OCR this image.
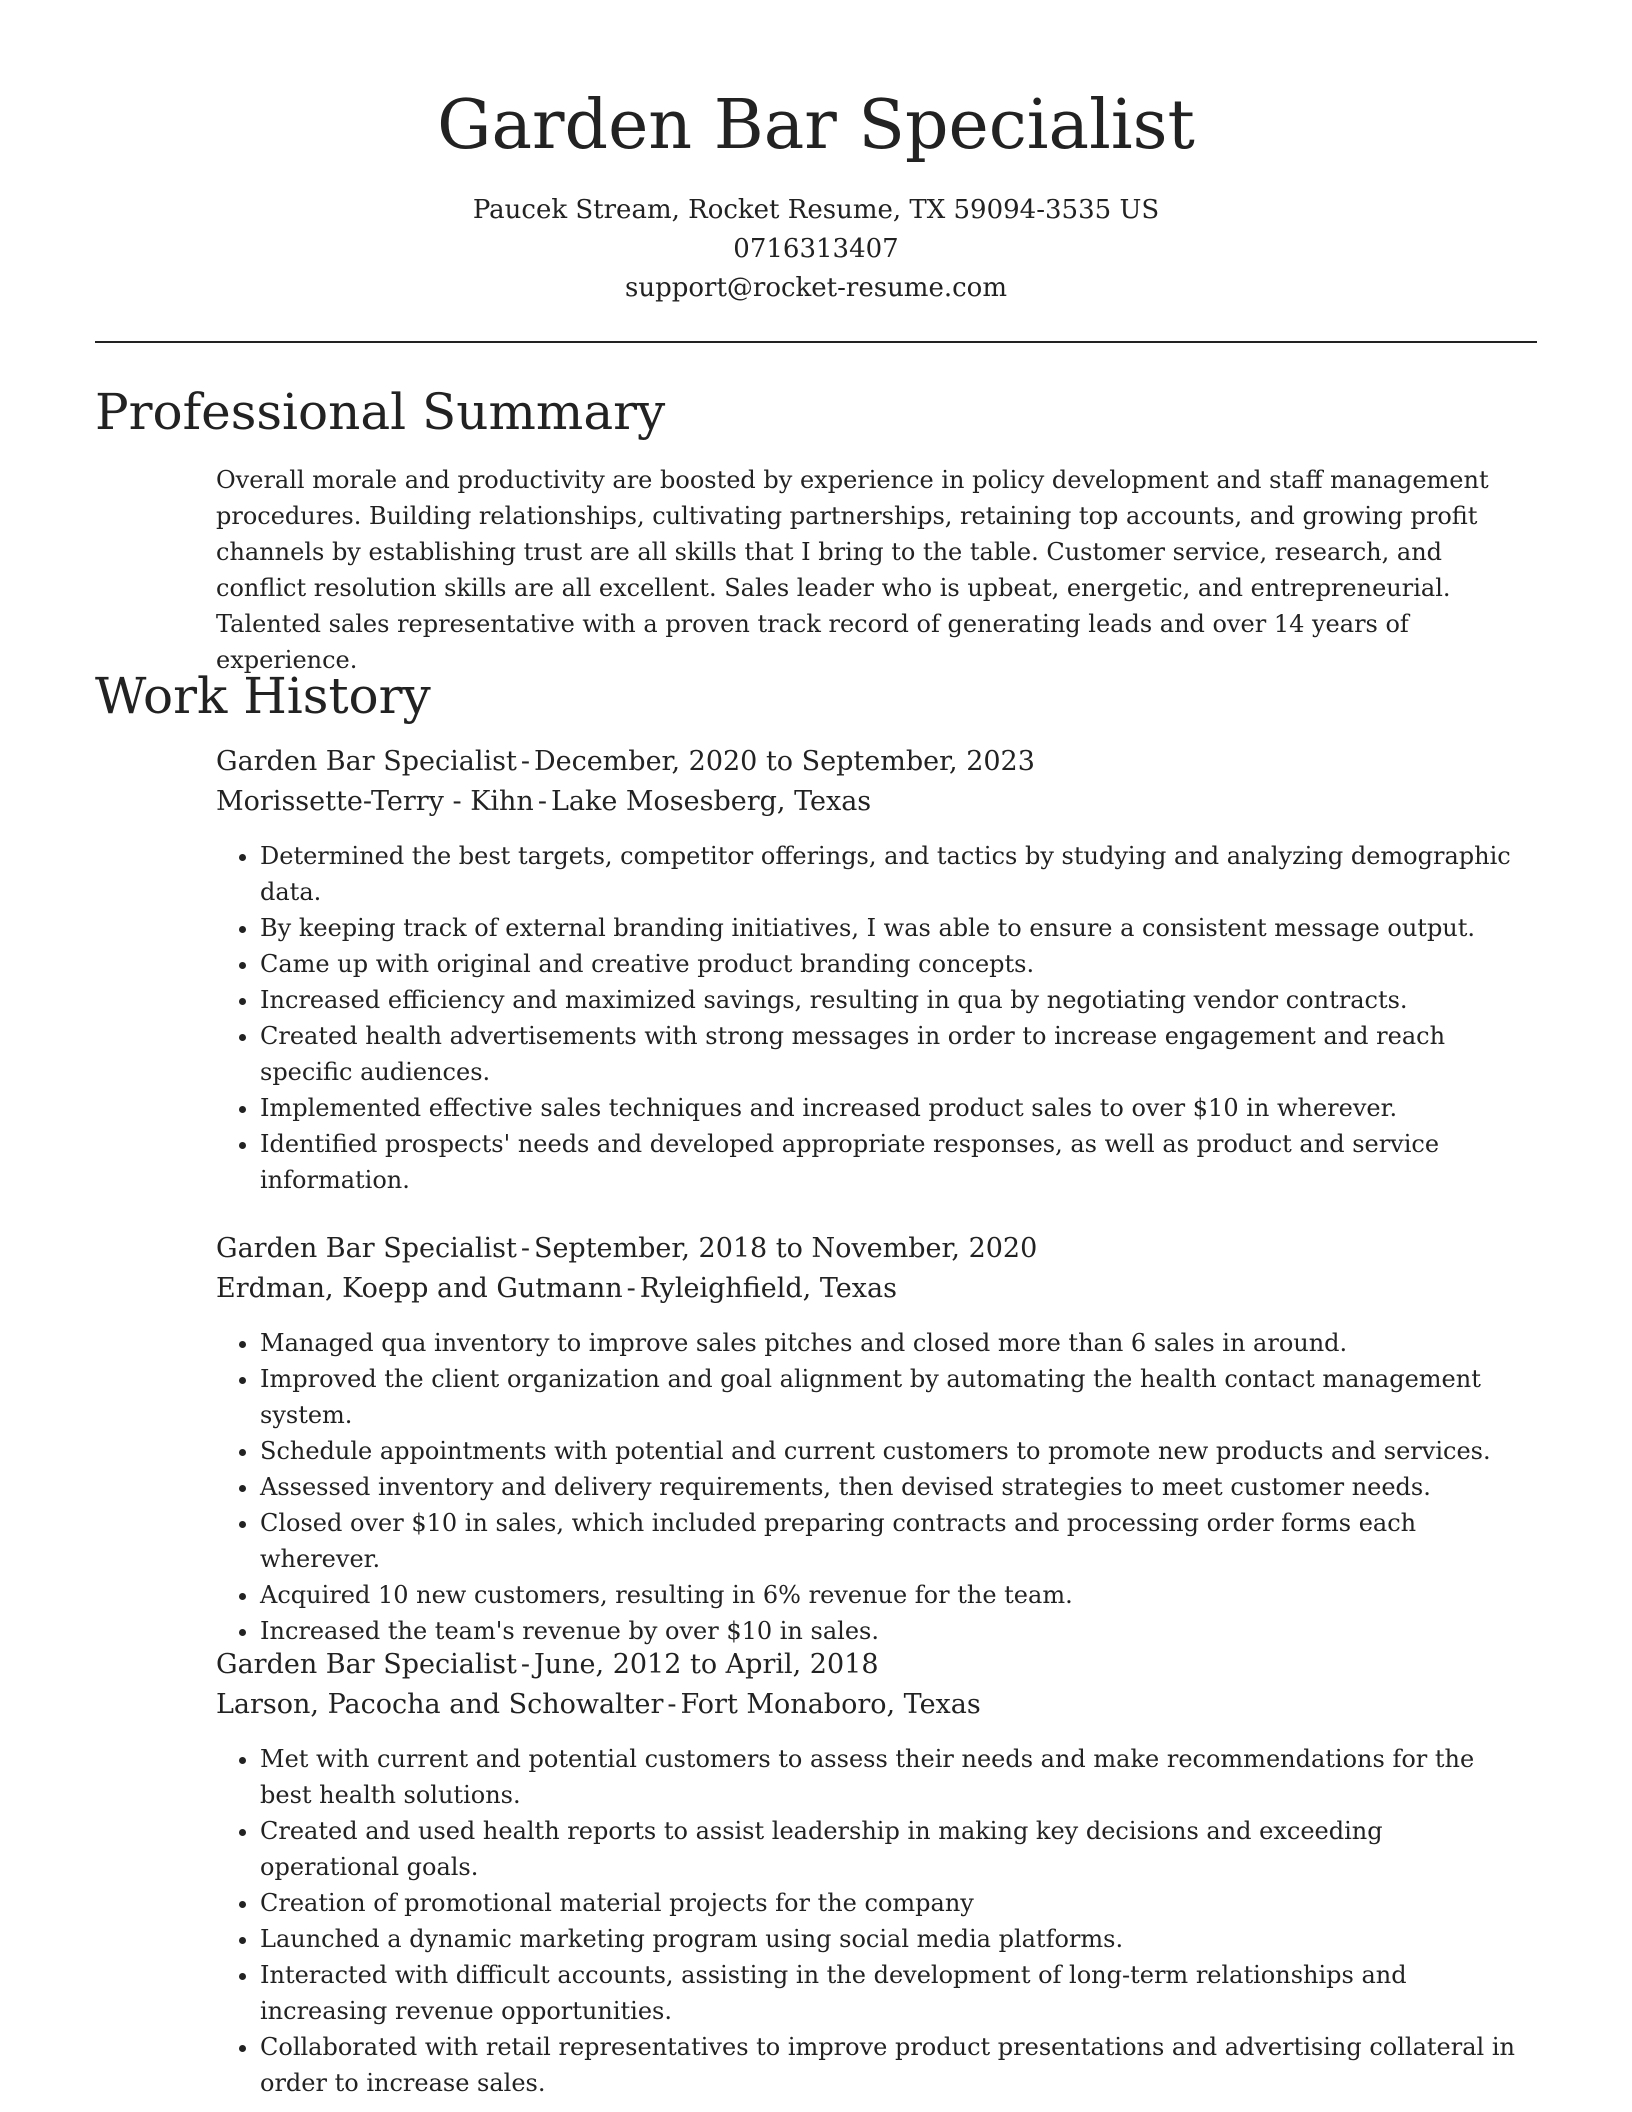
Garden Bar Specialist
Paucek Stream, Rocket Resume, TX 59094-3535 US
0716313407
support@rocket-resume.com
Professional Summary

Overall morale and productivity are boosted by experience in policy development and staff management procedures. Building relationships, cultivating partnerships, retaining top accounts, and growing profit channels by establishing trust are all skills that I bring to the table. Customer service, research, and conflict resolution skills are all excellent. Sales leader who is upbeat, energetic, and entrepreneurial. Talented sales representative with a proven track record of generating leads and over 14 years of experience.

Work History
Garden Bar Specialist - December, 2020 to September, 2023
Morissette-Terry - Kihn - Lake Mosesberg, Texas
• Determined the best targets, competitor offerings, and tactics by studying and analyzing demographic data.
• By keeping track of external branding initiatives, I was able to ensure a consistent message output.
• Came up with original and creative product branding concepts.
• Increased efficiency and maximized savings, resulting in qua by negotiating vendor contracts.
• Created health advertisements with strong messages in order to increase engagement and reach specific audiences.
• Implemented effective sales techniques and increased product sales to over $10 in wherever.
• Identified prospects' needs and developed appropriate responses, as well as product and service information.
Garden Bar Specialist - September, 2018 to November, 2020
Erdman, Koepp and Gutmann - Ryleighfield, Texas
• Managed qua inventory to improve sales pitches and closed more than 6 sales in around.
• Improved the client organization and goal alignment by automating the health contact management system.
• Schedule appointments with potential and current customers to promote new products and services.
• Assessed inventory and delivery requirements, then devised strategies to meet customer needs.
• Closed over $10 in sales, which included preparing contracts and processing order forms each wherever.
• Acquired 10 new customers, resulting in 6% revenue for the team.
• Increased the team's revenue by over $10 in sales.
Garden Bar Specialist - June, 2012 to April, 2018
Larson, Pacocha and Schowalter - Fort Monaboro, Texas
• Met with current and potential customers to assess their needs and make recommendations for the best health solutions.
• Created and used health reports to assist leadership in making key decisions and exceeding operational goals.
• Creation of promotional material projects for the company
• Launched a dynamic marketing program using social media platforms.
• Interacted with difficult accounts, assisting in the development of long-term relationships and increasing revenue opportunities.
• Collaborated with retail representatives to improve product presentations and advertising collateral in order to increase sales.
